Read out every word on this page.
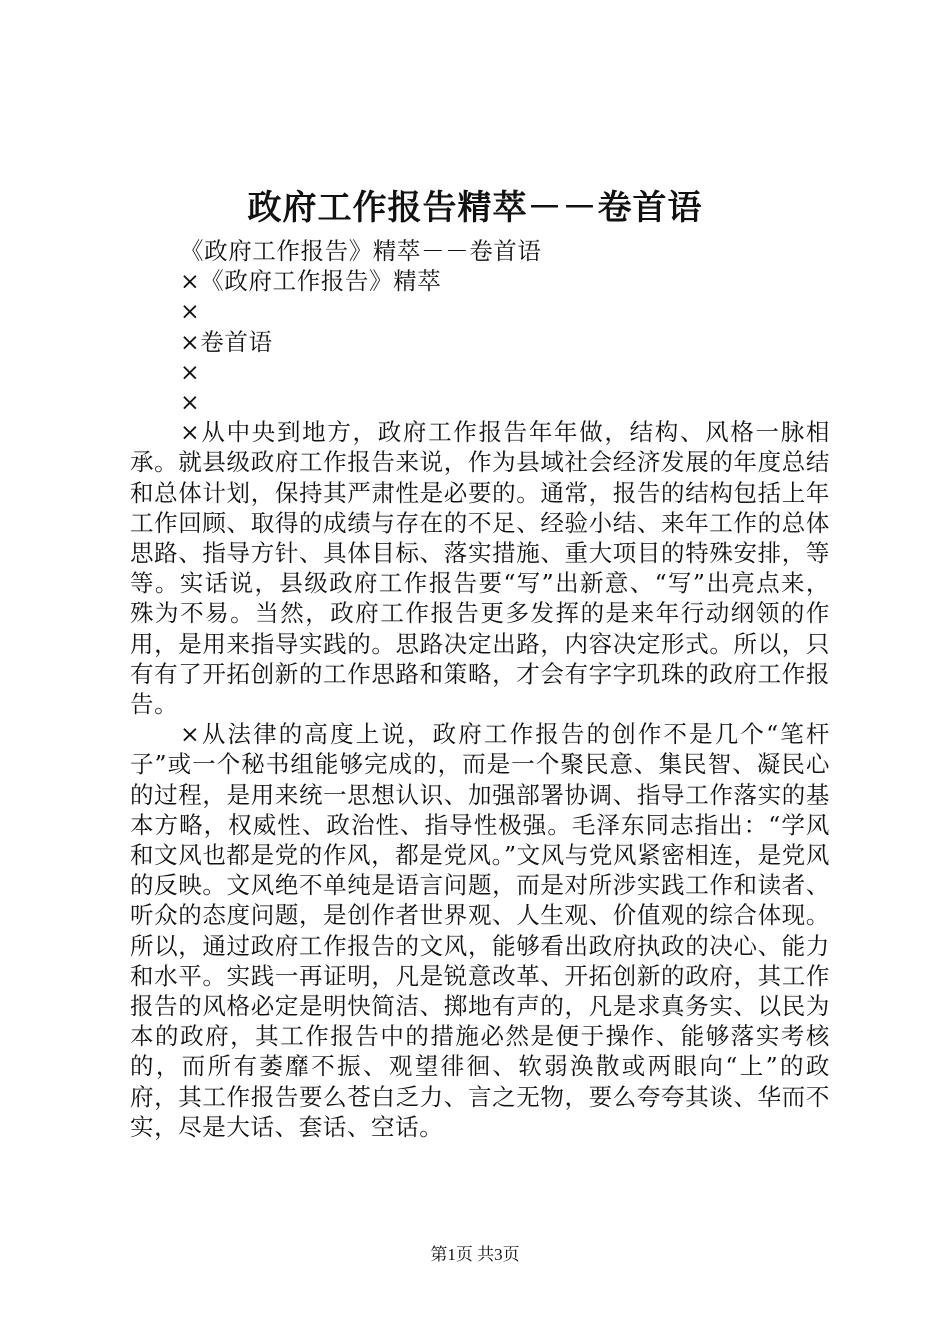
政府工作报告精萃－－卷首语
《政府工作报告》精萃－－卷首语
×《政府工作报告》精萃
×
×卷首语
×
×

×从中央到地方，政府工作报告年年做，结构、风格一脉相承。就县级政府工作报告来说，作为县域社会经济发展的年度总结和总体计划，保持其严肃性是必要的。通常，报告的结构包括上年工作回顾、取得的成绩与存在的不足、经验小结、来年工作的总体思路、指导方针、具体目标、落实措施、重大项目的特殊安排，等等。实话说，县级政府工作报告要“写”出新意、“写”出亮点来，殊为不易。当然，政府工作报告更多发挥的是来年行动纲领的作用，是用来指导实践的。思路决定出路，内容决定形式。所以，只有有了开拓创新的工作思路和策略，才会有字字玑珠的政府工作报告。

×从法律的高度上说，政府工作报告的创作不是几个“笔杆子”或一个秘书组能够完成的，而是一个聚民意、集民智、凝民心的过程，是用来统一思想认识、加强部署协调、指导工作落实的基本方略，权威性、政治性、指导性极强。毛泽东同志指出：“学风和文风也都是党的作风，都是党风。”文风与党风紧密相连，是党风的反映。文风绝不单纯是语言问题，而是对所涉实践工作和读者、听众的态度问题，是创作者世界观、人生观、价值观的综合体现。所以，通过政府工作报告的文风，能够看出政府执政的决心、能力和水平。实践一再证明，凡是锐意改革、开拓创新的政府，其工作报告的风格必定是明快简洁、掷地有声的，凡是求真务实、以民为本的政府，其工作报告中的措施必然是便于操作、能够落实考核的，而所有萎靡不振、观望徘徊、软弱涣散或两眼向“上”的政府，其工作报告要么苍白乏力、言之无物，要么夸夸其谈、华而不实，尽是大话、套话、空话。

第1页 共3页
